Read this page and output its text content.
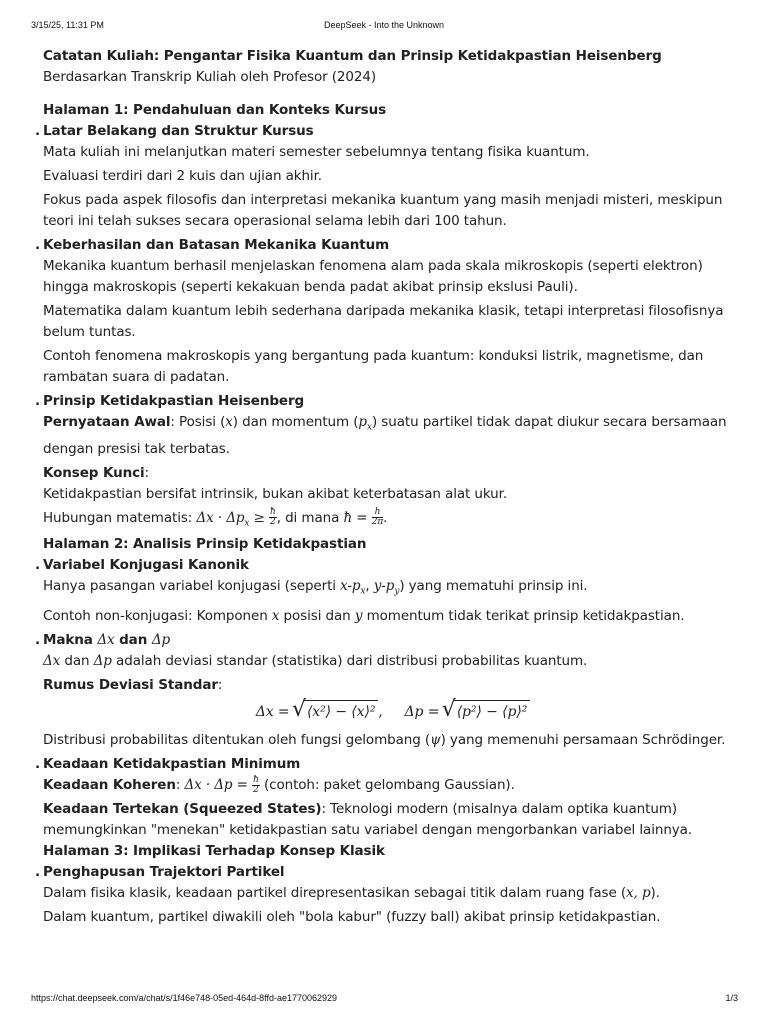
3/15/25, 11:31 PM	DeepSeek - Into the Unknown

Catatan Kuliah: Pengantar Fisika Kuantum dan Prinsip Ketidakpastian Heisenberg

Berdasarkan Transkrip Kuliah oleh Profesor (2024)

Halaman 1: Pendahuluan dan Konteks Kursus

. Latar Belakang dan Struktur Kursus

Mata kuliah ini melanjutkan materi semester sebelumnya tentang fisika kuantum.

Evaluasi terdiri dari 2 kuis dan ujian akhir.

Fokus pada aspek filosofis dan interpretasi mekanika kuantum yang masih menjadi misteri, meskipun teori ini telah sukses secara operasional selama lebih dari 100 tahun.

. Keberhasilan dan Batasan Mekanika Kuantum

Mekanika kuantum berhasil menjelaskan fenomena alam pada skala mikroskopis (seperti elektron) hingga makroskopis (seperti kekakuan benda padat akibat prinsip ekslusi Pauli).

Matematika dalam kuantum lebih sederhana daripada mekanika klasik, tetapi interpretasi filosofisnya belum tuntas.

Contoh fenomena makroskopis yang bergantung pada kuantum: konduksi listrik, magnetisme, dan rambatan suara di padatan.

. Prinsip Ketidakpastian Heisenberg

Pernyataan Awal: Posisi (x) dan momentum $(p_x)$ suatu partikel tidak dapat diukur secara bersamaan dengan presisi tak terbatas.

Konsep Kunci:

Ketidakpastian bersifat intrinsik, bukan akibat keterbatasan alat ukur.

Hubungan matematis: $\Delta x \cdot \Delta p_x \ge \frac{ħ}{2}$ , di mana ħ = $\frac{h}{2\pi}$ .

Halaman 2: Analisis Prinsip Ketidakpastian

. Variabel Konjugasi Kanonik

Hanya pasangan variabel konjugasi (seperti $x-p_x$, $y-p_y$) yang mematuhi prinsip ini.

Contoh non-konjugasi: Komponen x posisi dan y momentum tidak terikat prinsip ketidakpastian.

. Makna Δx dan Δp

Δx dan Δp adalah deviasi standar (statistika) dari distribusi probabilitas kuantum.

Rumus Deviasi Standar:

Δx = √ ⟨x²⟩ − ⟨x⟩² , Δp = √ ⟨p²⟩ − ⟨p⟩²

Distribusi probabilitas ditentukan oleh fungsi gelombang (ψ) yang memenuhi persamaan Schrödinger.

. Keadaan Ketidakpastian Minimum

Keadaan Koheren: $\Delta x \cdot \Delta p = \frac{ħ}{2}$ (contoh: paket gelombang Gaussian).

Keadaan Tertekan (Squeezed States): Teknologi modern (misalnya dalam optika kuantum) memungkinkan "menekan" ketidakpastian satu variabel dengan mengorbankan variabel lainnya.

Halaman 3: Implikasi Terhadap Konsep Klasik

. Penghapusan Trajektori Partikel

Dalam fisika klasik, keadaan partikel direpresentasikan sebagai titik dalam ruang fase (x, p).

Dalam kuantum, partikel diwakili oleh "bola kabur" (fuzzy ball) akibat prinsip ketidakpastian.

https://chat.deepseek.com/a/chat/s/1f46e748-05ed-464d-8ffd-ae1770062929	1/3
